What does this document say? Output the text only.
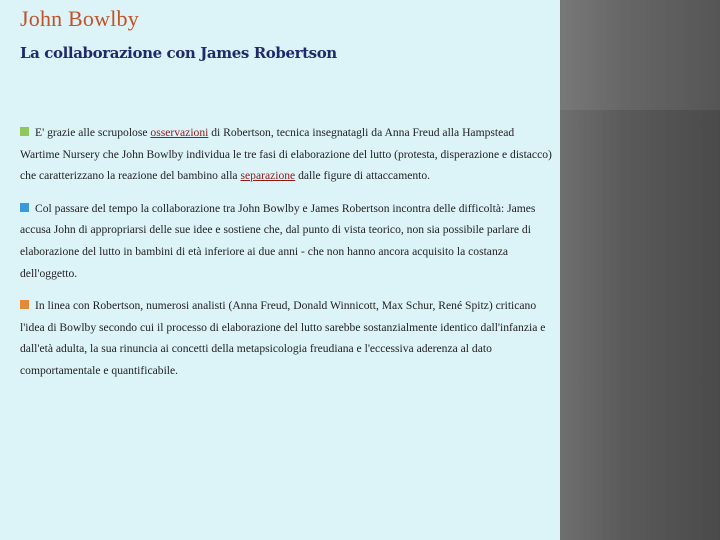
John Bowlby
La collaborazione con James Robertson

E' grazie alle scrupolose osservazioni di Robertson, tecnica insegnatagli da Anna Freud alla Hampstead Wartime Nursery che John Bowlby individua le tre fasi di elaborazione del lutto (protesta, disperazione e distacco) che caratterizzano la reazione del bambino alla separazione dalle figure di attaccamento.

Col passare del tempo la collaborazione tra John Bowlby e James Robertson incontra delle difficoltà: James accusa John di appropriarsi delle sue idee e sostiene che, dal punto di vista teorico, non sia possibile parlare di elaborazione del lutto in bambini di età inferiore ai due anni - che non hanno ancora acquisito la costanza dell'oggetto.

In linea con Robertson, numerosi analisti (Anna Freud, Donald Winnicott, Max Schur, René Spitz) criticano l'idea di Bowlby secondo cui il processo di elaborazione del lutto sarebbe sostanzialmente identico dall'infanzia e dall'età adulta, la sua rinuncia ai concetti della metapsicologia freudiana e l'eccessiva aderenza al dato comportamentale e quantificabile.
